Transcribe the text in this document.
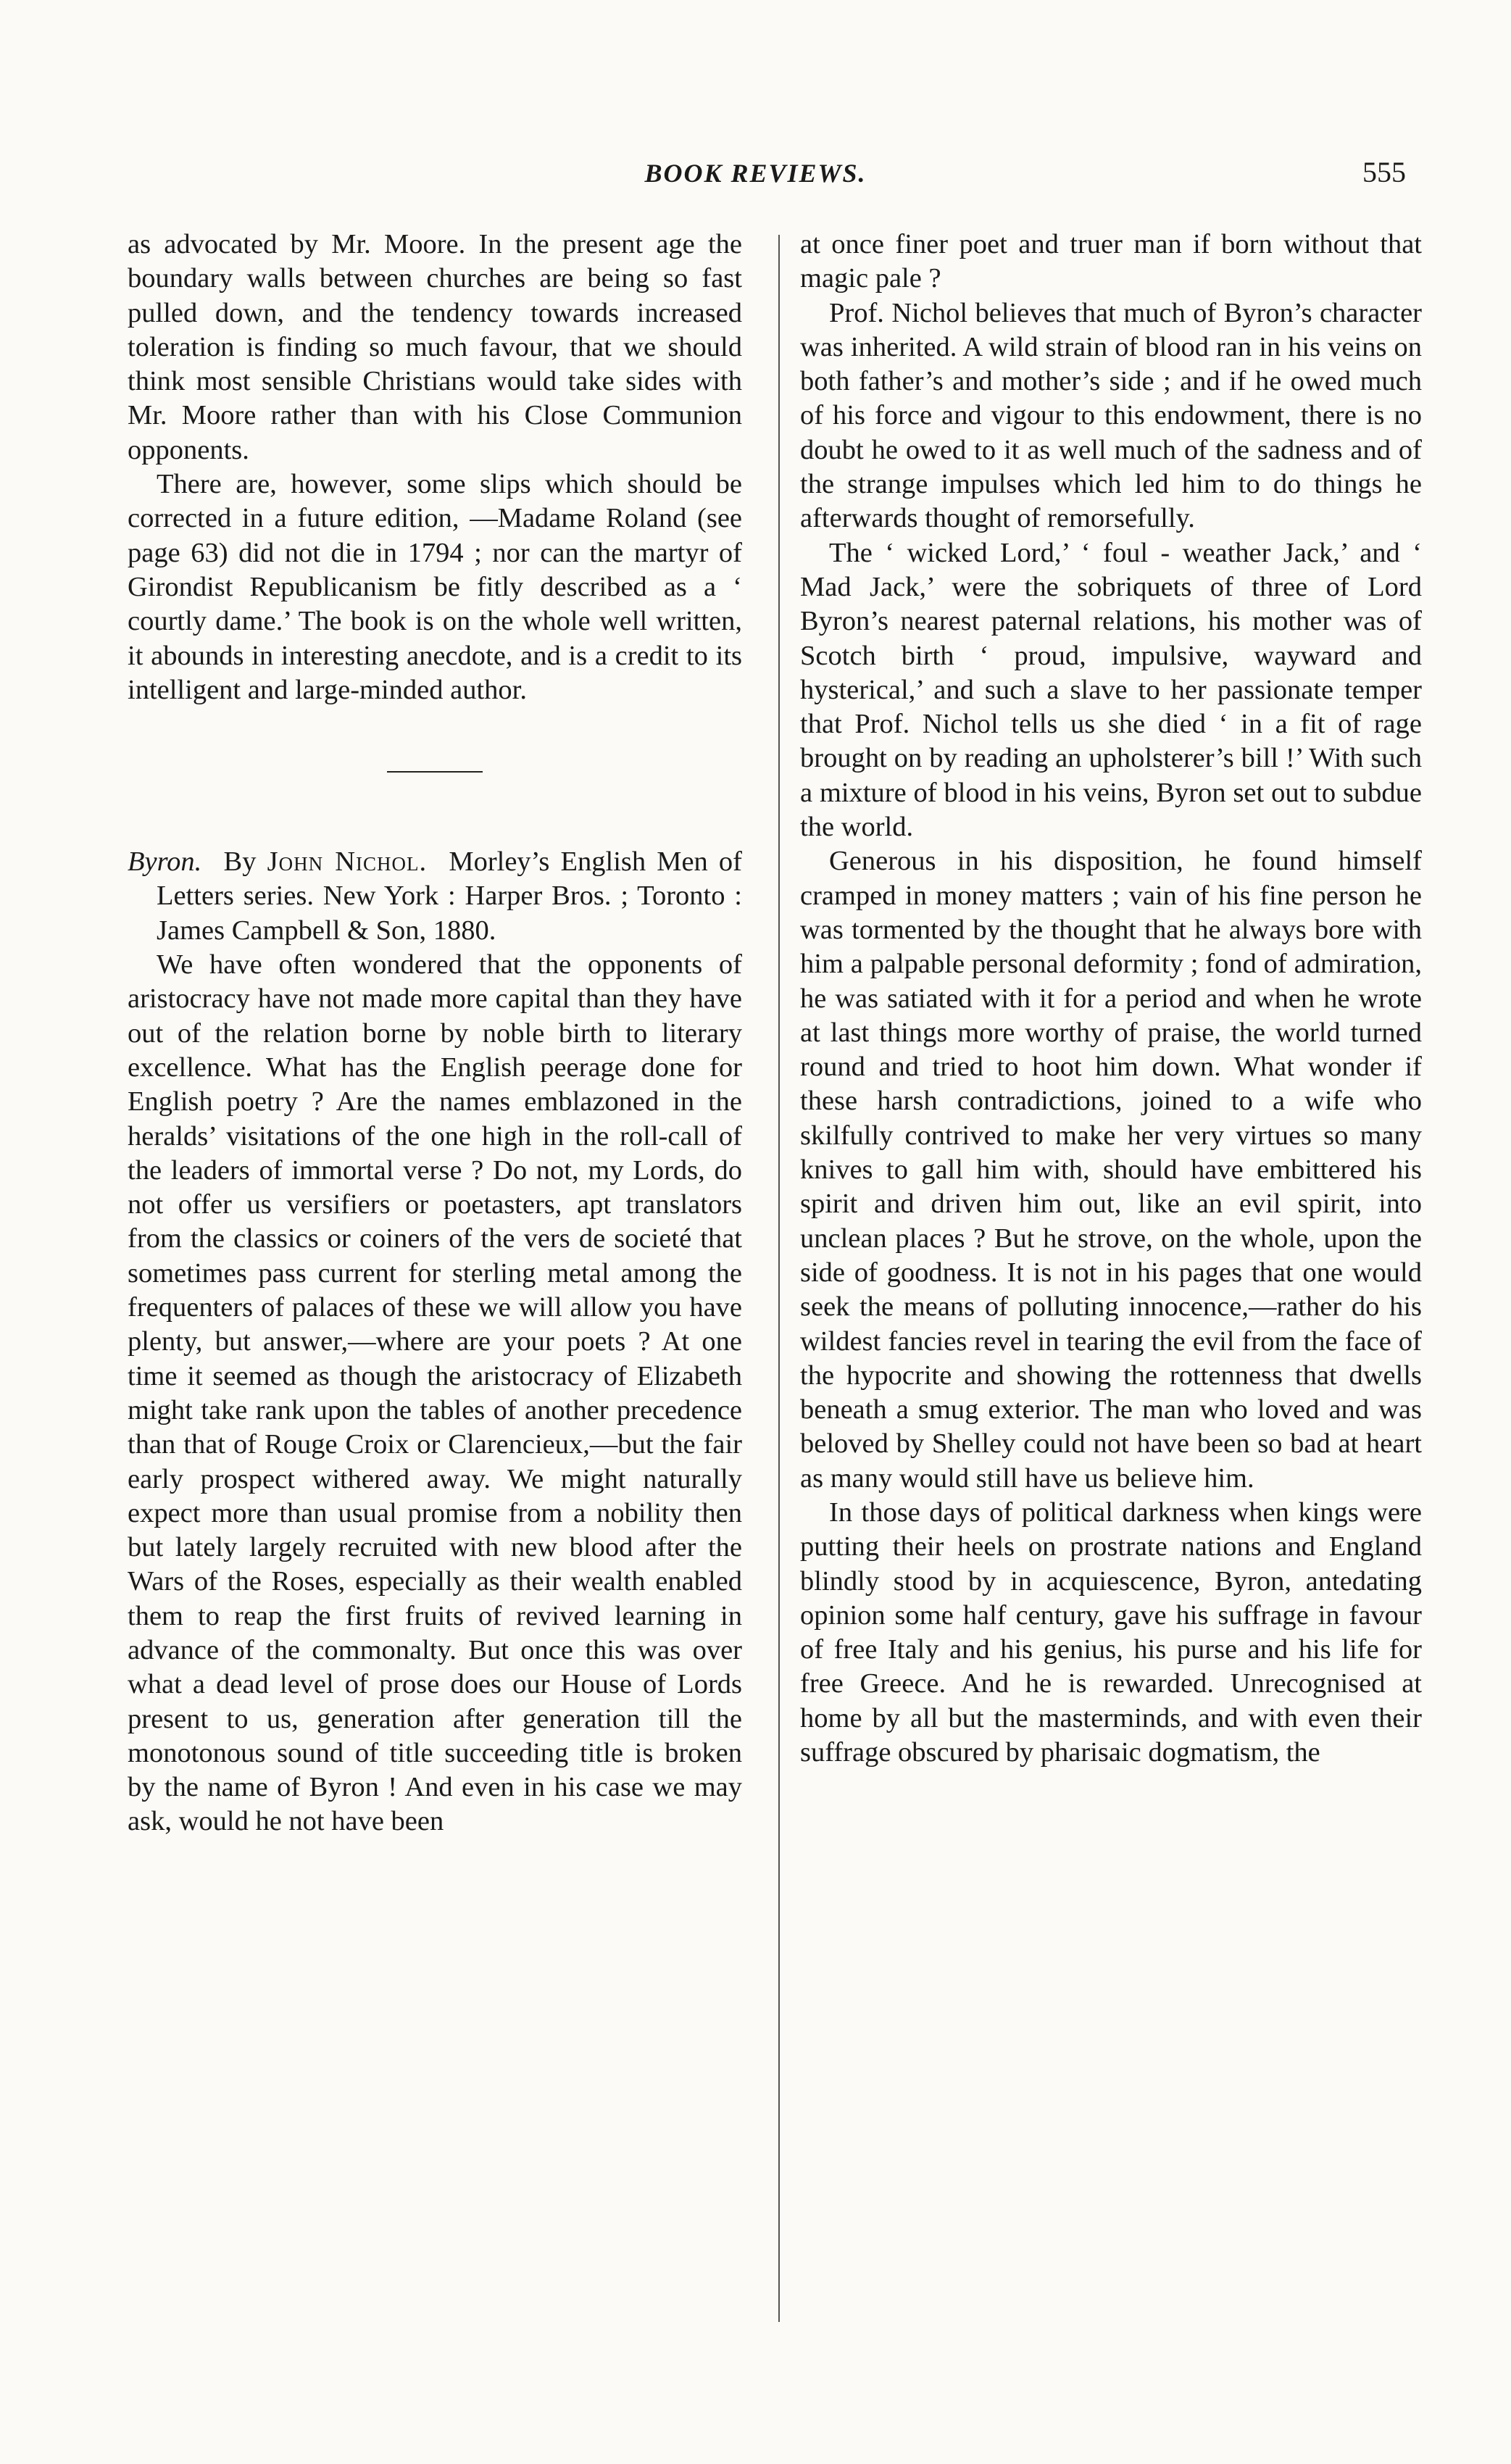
BOOK REVIEWS.	555

as advocated by Mr. Moore. In the present age the boundary walls between churches are being so fast pulled down, and the tendency towards increased toleration is finding so much favour, that we should think most sensible Christians would take sides with Mr. Moore rather than with his Close Communion opponents.

There are, however, some slips which should be corrected in a future edition, —Madame Roland (see page 63) did not die in 1794 ; nor can the martyr of Girondist Republicanism be fitly described as a ‘ courtly dame.’ The book is on the whole well written, it abounds in interesting anecdote, and is a credit to its intelligent and large-minded author.

Byron. By John Nichol. Morley’s English Men of Letters series. New York : Harper Bros. ; Toronto : James Campbell & Son, 1880.

We have often wondered that the opponents of aristocracy have not made more capital than they have out of the relation borne by noble birth to literary excellence. What has the English peerage done for English poetry ? Are the names emblazoned in the heralds’ visitations of the one high in the roll-call of the leaders of immortal verse ? Do not, my Lords, do not offer us versifiers or poetasters, apt translators from the classics or coiners of the vers de societé that sometimes pass current for sterling metal among the frequenters of palaces of these we will allow you have plenty, but answer,—where are your poets ? At one time it seemed as though the aristocracy of Elizabeth might take rank upon the tables of another precedence than that of Rouge Croix or Clarencieux,—but the fair early prospect withered away. We might naturally expect more than usual promise from a nobility then but lately largely recruited with new blood after the Wars of the Roses, especially as their wealth enabled them to reap the first fruits of revived learning in advance of the commonalty. But once this was over what a dead level of prose does our House of Lords present to us, generation after generation till the monotonous sound of title succeeding title is broken by the name of Byron ! And even in his case we may ask, would he not have been

at once finer poet and truer man if born without that magic pale ?

Prof. Nichol believes that much of Byron’s character was inherited. A wild strain of blood ran in his veins on both father’s and mother’s side ; and if he owed much of his force and vigour to this endowment, there is no doubt he owed to it as well much of the sadness and of the strange impulses which led him to do things he afterwards thought of remorsefully.

The ‘ wicked Lord,’ ‘ foul - weather Jack,’ and ‘ Mad Jack,’ were the sobriquets of three of Lord Byron’s nearest paternal relations, his mother was of Scotch birth ‘ proud, impulsive, wayward and hysterical,’ and such a slave to her passionate temper that Prof. Nichol tells us she died ‘ in a fit of rage brought on by reading an upholsterer’s bill !’ With such a mixture of blood in his veins, Byron set out to subdue the world.

Generous in his disposition, he found himself cramped in money matters ; vain of his fine person he was tormented by the thought that he always bore with him a palpable personal deformity ; fond of admiration, he was satiated with it for a period and when he wrote at last things more worthy of praise, the world turned round and tried to hoot him down. What wonder if these harsh contradictions, joined to a wife who skilfully contrived to make her very virtues so many knives to gall him with, should have embittered his spirit and driven him out, like an evil spirit, into unclean places ? But he strove, on the whole, upon the side of goodness. It is not in his pages that one would seek the means of polluting innocence,—rather do his wildest fancies revel in tearing the evil from the face of the hypocrite and showing the rottenness that dwells beneath a smug exterior. The man who loved and was beloved by Shelley could not have been so bad at heart as many would still have us believe him.

In those days of political darkness when kings were putting their heels on prostrate nations and England blindly stood by in acquiescence, Byron, antedating opinion some half century, gave his suffrage in favour of free Italy and his genius, his purse and his life for free Greece. And he is rewarded. Unrecognised at home by all but the masterminds, and with even their suffrage obscured by pharisaic dogmatism, the
